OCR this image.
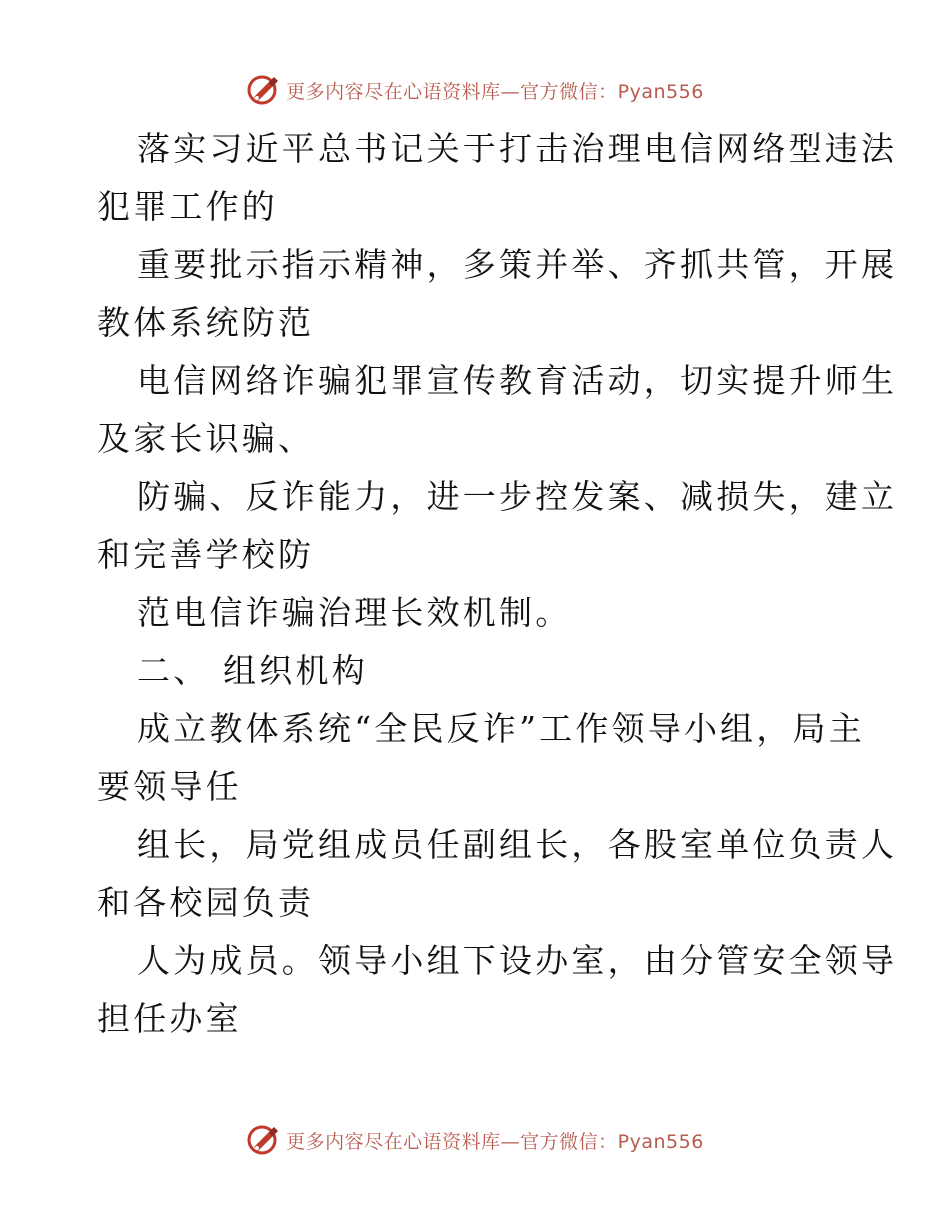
更多内容尽在心语资料库—官方微信：Pyan556
落实习近平总书记关于打击治理电信网络型违法
犯罪工作的
重要批示指示精神，多策并举、齐抓共管，开展
教体系统防范
电信网络诈骗犯罪宣传教育活动，切实提升师生
及家长识骗、
防骗、反诈能力，进一步控发案、减损失，建立
和完善学校防
范电信诈骗治理长效机制。
二、 组织机构
成立教体系统“全民反诈”工作领导小组，局主
要领导任
组长，局党组成员任副组长，各股室单位负责人
和各校园负责
人为成员。领导小组下设办室，由分管安全领导
担任办室
更多内容尽在心语资料库—官方微信：Pyan556
